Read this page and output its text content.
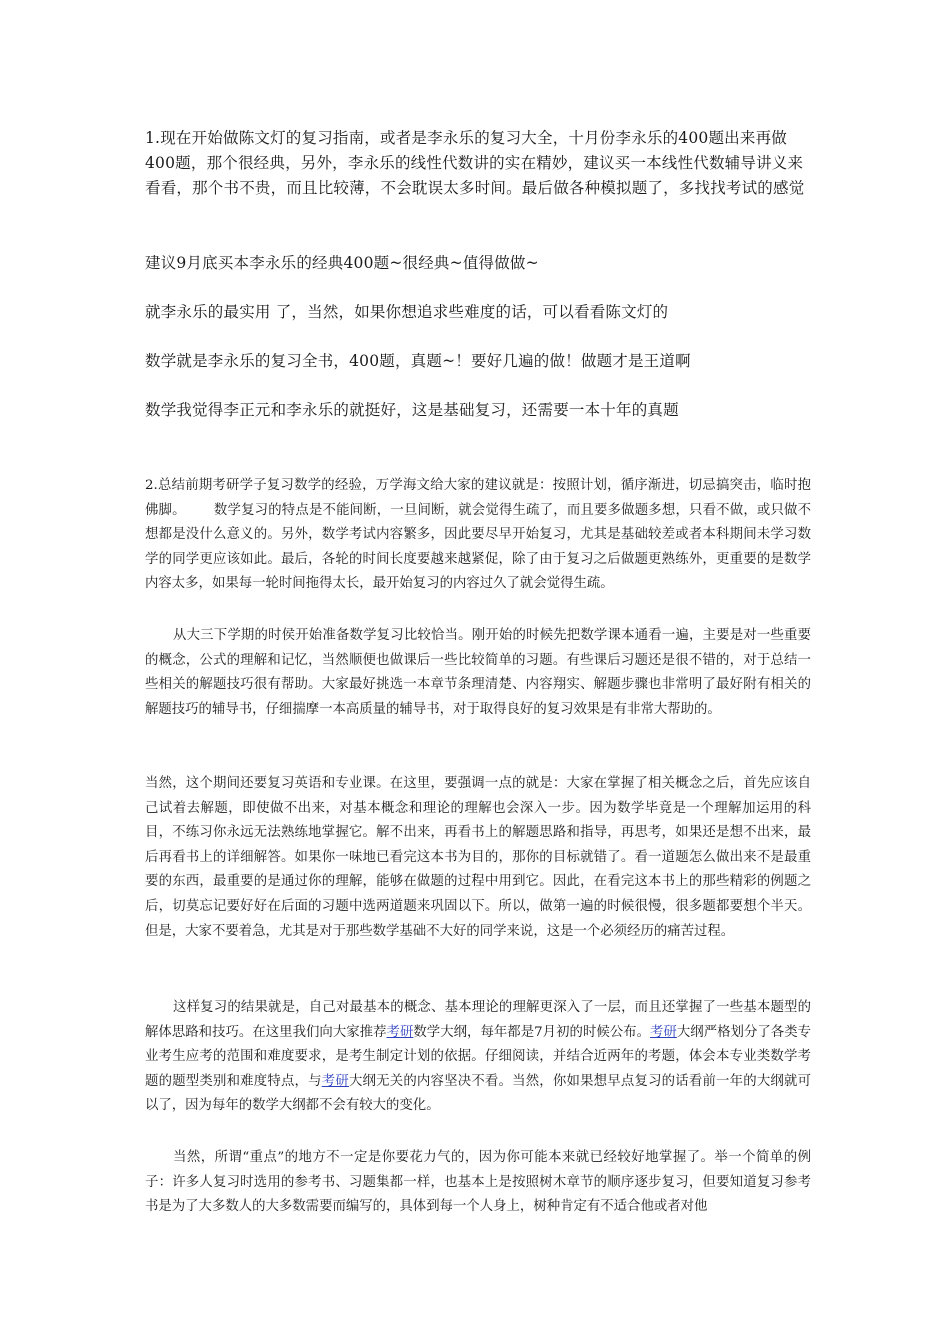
1.现在开始做陈文灯的复习指南，或者是李永乐的复习大全，十月份李永乐的400题出来再做400题，那个很经典，另外，李永乐的线性代数讲的实在精妙，建议买一本线性代数辅导讲义来看看，那个书不贵，而且比较薄，不会耽误太多时间。最后做各种模拟题了，多找找考试的感觉

建议9月底买本李永乐的经典400题~很经典~值得做做~

就李永乐的最实用 了，当然，如果你想追求些难度的话，可以看看陈文灯的

数学就是李永乐的复习全书，400题，真题~！要好几遍的做！做题才是王道啊

数学我觉得李正元和李永乐的就挺好，这是基础复习，还需要一本十年的真题

2.总结前期考研学子复习数学的经验，万学海文给大家的建议就是：按照计划，循序渐进，切忌搞突击，临时抱佛脚。 数学复习的特点是不能间断，一旦间断，就会觉得生疏了，而且要多做题多想，只看不做，或只做不想都是没什么意义的。另外，数学考试内容繁多，因此要尽早开始复习，尤其是基础较差或者本科期间未学习数学的同学更应该如此。最后，各轮的时间长度要越来越紧促，除了由于复习之后做题更熟练外，更重要的是数学内容太多，如果每一轮时间拖得太长，最开始复习的内容过久了就会觉得生疏。

从大三下学期的时侯开始准备数学复习比较恰当。刚开始的时候先把数学课本通看一遍，主要是对一些重要的概念，公式的理解和记忆，当然顺便也做课后一些比较简单的习题。有些课后习题还是很不错的，对于总结一些相关的解题技巧很有帮助。大家最好挑选一本章节条理清楚、内容翔实、解题步骤也非常明了最好附有相关的解题技巧的辅导书，仔细揣摩一本高质量的辅导书，对于取得良好的复习效果是有非常大帮助的。

当然，这个期间还要复习英语和专业课。在这里，要强调一点的就是：大家在掌握了相关概念之后，首先应该自己试着去解题，即使做不出来，对基本概念和理论的理解也会深入一步。因为数学毕竟是一个理解加运用的科目，不练习你永远无法熟练地掌握它。解不出来，再看书上的解题思路和指导，再思考，如果还是想不出来，最后再看书上的详细解答。如果你一味地已看完这本书为目的，那你的目标就错了。看一道题怎么做出来不是最重要的东西，最重要的是通过你的理解，能够在做题的过程中用到它。因此，在看完这本书上的那些精彩的例题之后，切莫忘记要好好在后面的习题中选两道题来巩固以下。所以，做第一遍的时候很慢，很多题都要想个半天。但是，大家不要着急，尤其是对于那些数学基础不大好的同学来说，这是一个必须经历的痛苦过程。

这样复习的结果就是，自己对最基本的概念、基本理论的理解更深入了一层，而且还掌握了一些基本题型的解体思路和技巧。在这里我们向大家推荐考研数学大纲，每年都是7月初的时候公布。考研大纲严格划分了各类专业考生应考的范围和难度要求，是考生制定计划的依据。仔细阅读，并结合近两年的考题，体会本专业类数学考题的题型类别和难度特点，与考研大纲无关的内容坚决不看。当然，你如果想早点复习的话看前一年的大纲就可以了，因为每年的数学大纲都不会有较大的变化。

当然，所谓“重点”的地方不一定是你要花力气的，因为你可能本来就已经较好地掌握了。举一个简单的例子：许多人复习时选用的参考书、习题集都一样，也基本上是按照树木章节的顺序逐步复习，但要知道复习参考书是为了大多数人的大多数需要而编写的，具体到每一个人身上，树种肯定有不适合他或者对他
